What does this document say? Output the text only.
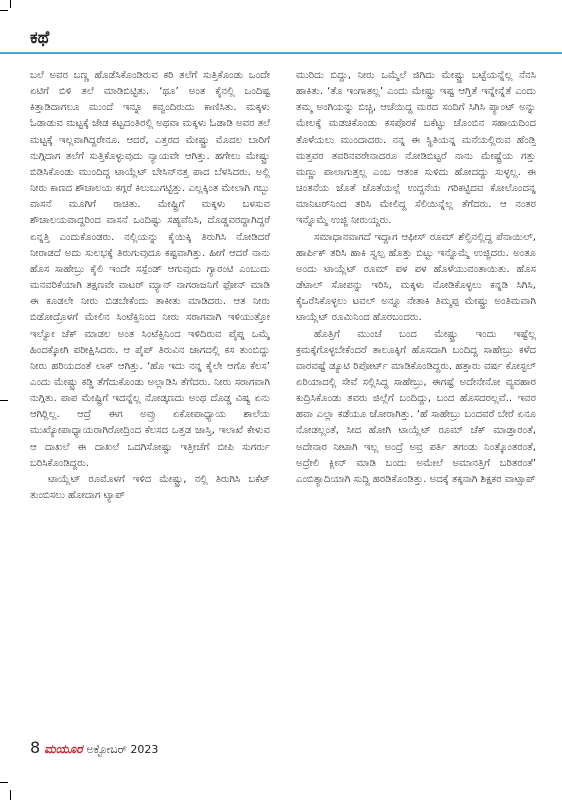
ಕಥೆ

ಬಲೆ ಅವರ ಬಣ್ಣ ಹೊಡೆಸಿಕೊಂಡಿರುವ ಕರಿ ತಲೆಗೆ ಸುತ್ತಿಕೊಂಡು ಒಂದೇ ಏಟಿಗೆ ಬಿಳಿ ತಲೆ ಮಾಡಿಬಿಟ್ಟಿತು. ‘ಥೂ’ ಅಂತ ಕೈನಲ್ಲಿ ಒಂದಿಷ್ಟ ಕಿತ್ತಾಡಿದಾಗಲೂ ಮುಂದೆ ಇನ್ನೂ ಕವ್ವಂದಿರುದು ಕಾಣಿಸಿತು. ಮಕ್ಕಳು ಓಡಾಡುವ ಮಟ್ಟಕ್ಕೆ ಜೇಡ ಕಟ್ಟದಂತಿರಲ್ಲಿ ಅಥವಾ ಮಕ್ಕಳು ಓಡಾಡಿ ಅವರ ತಲೆ ಮಟ್ಟಕ್ಕೆ ಇಲ್ಲವಾಗಿದ್ದರೇನೂ. ಆದರೆ, ಎತ್ತರದ ಮೇಷ್ಟ್ರು ಮೊದಲ ಬಾರಿಗೆ ನುಗ್ಗಿದಾಗ ತಲೆಗೆ ಸುತ್ತಿಕೊಳ್ಳುವುದು ನ್ಯಾಯವೇ ಆಗಿತ್ತು. ಹಗೇಲು ಮೇಷ್ಟ್ರು ಬಿಡಿಸಿಕೊಂಡು ಮುಂದಿದ್ದ ಟಾಯ್ಲೆಟ್ ಬೇಸಿನ್‌ನತ್ತ ಪಾದ ಬೆಳಸಿದರು. ಅಲ್ಲಿ ನೀರು ಕಾಣದ ಶೌಚಾಲಯ ಕಗ್ಗರೆ ಕಿಲುಬುಗಟ್ಟಿತ್ತು. ಎಲ್ಲಕ್ಕಿಂತ ಮೇಲಾಗಿ ಗಬ್ಬು ವಾಸನೆ ಮೂಗಿಗೆ ರಾಚಿತು. ಮೇಷ್ಟ್ರಿಗೆ ಮಕ್ಕಳು ಬಳಸುವ ಶೌಚಾಲಯವಾದ್ದರಿಂದ ವಾಸನೆ ಒಂದಿಷ್ಟು ಸಹ್ಯವೆನಿಸಿ, ದೊಡ್ಡವರದ್ದಾಗಿದ್ದರೆ ಏನ್ನತ್ತಿ ಎಂದುಕೊಂಡರು. ನಲ್ಲಿಯನ್ನು ಕೈಯಿಕ್ಕಿ ತಿರುಗಿಸಿ ನೋಡಿದರೆ ನೀರಾಡದೆ ಅದು ಸುಲಭಕ್ಕೆ ತಿರುಗುವುದೂ ಕಷ್ಟವಾಗಿತ್ತು. ಹೀಗೆ ಆದರೆ ನಾನು ಹೊಸ ಸಾಹೇಬ್ರು ಕೈಲಿ ಇಂದೇ ಸಸ್ಪೆಂಡ್ ಆಗುವುದು ಗ್ಯಾರಂಟಿ ಎಂಬುದು ಮನವರಿಕೆಯಾಗಿ ತಕ್ಷಣವೇ ವಾಟರ್ ಮ್ಯಾನ್ ನಾಗರಾಜನಿಗೆ ಫೋನ್ ಮಾಡಿ ಈ ಕೂಡಲೇ ನೀರು ಬಿಡಬೇಕೆಂದು ತಾಕೀತು ಮಾಡಿದರು. ಆತ ನೀರು ಬಿಡೋದ್ರೊಳಗೆ ಮೇಲಿನ ಸಿಂಟೆಕ್ಸಿನಿಂದ ನೀರು ಸರಾಗವಾಗಿ ಇಳಿಯುತ್ತೋ ಇಲ್ವೋ ಚೆಕ್ ಮಾಡಲ ಅಂತ ಸಿಂಟೆಕ್ಸಿನಿಂದ ಇಳಿದಿರುವ ಪೈಪ್ನ ಒಮ್ಮೆ ಹಿಂದಕ್ಕೋಗಿ ಪರೀಕ್ಷಿಸಿದರು. ಆ ಪೈಪ್ ತಿರುವಿನ ಜಾಗದಲ್ಲಿ ಕಸ ತುಂಬಿದ್ದು ನೀರು ಹರಿಯದಂತೆ ಲಾಕ್ ಆಗಿತ್ತು. ‘ಹೊ ಇದು ನನ್ನ ಕೈಲೇ ಆಗೊ ಕೆಲಸ’ ಎಂದು ಮೇಷ್ಟ್ರು ಕಡ್ಡಿ ತೆಗೆದುಕೊಂಡು ಅಲ್ಲಾಡಿಸಿ ತೆಗೆದರು. ನೀರು ಸರಾಗವಾಗಿ ನುಗ್ಗಿತು. ಪಾಪ ಮೇಷ್ಟ್ರಿಗೆ ಇದನ್ನೆಲ್ಲ ನೋಡ್ಕಣದು ಅಂಥ ದೊಡ್ಡ ವಿಷ್ಯ ಏನು ಆಗಿರ್‍ಲಿಲ್ಲ. ಆದ್ರೆ ಈಗ ಅವ್ರು ಏಕೋಪಾಧ್ಯಾಯ ಶಾಲೆಯ ಮುಖ್ಯೋಪಾಧ್ಯಾಯರಾಗಿರೋದ್ರಿಂದ ಕೆಲಸದ ಒತ್ತಡ ಜಾಸ್ತಿ, ಇಲಾಖೆ ಕೇಳುವ ಆ ದಾಖಲೆ ಈ ದಾಖಲೆ ಒದಗಿಸೋಷ್ಟು ಇತ್ತೀಚೆಗೆ ಬೀಪಿ ಸುಗರ್ರು ಬರಿಸಿಕೊಂಡಿದ್ದರು.

ಟಾಯ್ಲೆಟ್ ರೂಮೊಳಗೆ ಇಳಿದ ಮೇಷ್ಟ್ರು, ನಲ್ಲಿ ತಿರುಗಿಸಿ ಬಕೆಟ್ ತುಂಬಿಸಲು ಹೋದಾಗ ಟ್ಯಾಪ್

ಮುರಿದು ಬಿದ್ದು, ನೀರು ಒಮ್ಮೆಲೆ ಜಿಗಿದು ಮೇಷ್ಟ್ರು ಬಟ್ಟೆಯನ್ನೆಲ್ಲ ನೆನಸಿ ಹಾಕಿತು. ‘ತೊ ಇಂಗಾತಲ್ಲ’ ಎಂದು ಮೇಷ್ಟ್ರು ಇಷ್ಟ ಆಗ್ತಿತೆ ಇನ್ನೇನ್ನೆತೆ ಎಂದು ತಮ್ಮ ಅಂಗಿಯನ್ನು ಬಿಚ್ಚಿ, ಆಚೆಯಿದ್ದ ಮರದ ಸಂದಿಗೆ ಸಿಗಿಸಿ ಪ್ಯಾಂಟ್ ಅನ್ನು ಮೇಲಕ್ಕೆ ಮಡಚಿಕೊಂಡು ಕಸಪೊರಕೆ ಬಕೆಟ್ಟು ಚೊಂಬಿನ ಸಹಾಯದಿಂದ ತೊಳೆಯಲು ಮುಂದಾದರು. ನನ್ನ ಈ ಸ್ಥಿತಿಯನ್ನ ಮನೆಯಲ್ಲಿರುವ ಹೆಂಡ್ತಿ ಮತ್ತವರ ತವರಿನವರೇನಾದರೂ ನೋಡಿಬಿಟ್ಟರೆ ನಾನು ಮೇಷ್ಟ್ರೆಯ ಗತ್ತು ಮಣ್ಣು ಪಾಲಾಗುತ್ತಲ್ಲ ಎಂಬ ಆತಂಕ ಸುಳಿದು ಹೋದದ್ದು ಸುಳ್ಳಲ್ಲ. ಈ ಚಿಂತನೆಯ ಜೊತೆ ಜೊತೆಯಲ್ಲೆ ಉದ್ದನೆಯ ಗರಿಕಟ್ಟಿದವ ಕೋಲೊಂದನ್ನ ಮಾನಿಟರ್‌ನಿಂದ ತರಿಸಿ ಮೇಲಿದ್ದ ಸೆಲಿಯಿನ್ನೆಲ್ಲ ತೆಗೆದರು. ಆ ನಂತರ ಇನ್ನೊಮ್ಮೆ ಉಜ್ಜಿ ನೀರುಯ್ದರು.

ಸಮಾಧಾನವಾಗದೆ ಇದ್ದಾಗ ಆಫೀಸ್ ರೂಮ್ ಶೆಲ್ಫಿನಲ್ಲಿದ್ದ ಪೆನಾಯಿಲ್, ಹಾರ್ಪಿಕ್ ತರಿಸಿ ಹಾಕಿ ಸ್ವಲ್ಪ ಹೊತ್ತು ಬಿಟ್ಟು ಇನ್ನೊಮ್ಮೆ ಉಜ್ಜಿದರು. ಅಂತೂ ಅಂದು ಟಾಯ್ಲೆಟ್ ರೂಮ್ ಪಳ ಪಳ ಹೊಳೆಯುವಂತಾಯಿತು. ಹೊಸ ಡೆಟಾಲ್ ಸೋಪನ್ನು ಇರಿಸಿ, ಮಕ್ಕಳು ನೋಡಿಕೊಳ್ಳಲು ಕನ್ನಡಿ ಸಿಗಿಸಿ, ಕೈಒರೆಸಿಕೊಳ್ಳಲು ಟವಲ್ ಅನ್ನೂ ನೇತಾಕಿ ತಿಮ್ಮಪ್ಪ ಮೇಷ್ಟ್ರು ಅಂತಿಮವಾಗಿ ಟಾಯ್ಲೆಟ್ ರೂಮಿನಿಂದ ಹೊರಬಂದರು.

ಹೊತ್ತಿಗೆ ಮುಂಚೆ ಬಂದ ಮೇಷ್ಟ್ರು ಇಂದು ಇಷ್ಟೆಲ್ಲ ಕ್ರಮಕ್ಕೆಗೊಳ್ಳಬೇಕೆಂದರೆ ತಾಲೂಕ್ಕಿಗೆ ಹೊಸದಾಗಿ ಬಂದಿದ್ದ ಸಾಹೇಬ್ರು ಕಳೆದ ವಾರವಷ್ಟೆ ಡ್ಯೂಟಿ ರಿಪೋರ್ಟ್ ಮಾಡಿಕೊಂಡಿದ್ದರು. ಹತ್ತಾರು ವರ್ಷ ಕೋಸ್ಟಲ್ ಏರಿಯಾದಲ್ಲಿ ಸೇವೆ ಸಲ್ಲಿಸಿದ್ದ ಸಾಹೇಬ್ರು, ಈಗಷ್ಟೆ ಅದೇನೇನೋ ವ್ಯವಹಾರ ಕುದ್ರಿಸಿಕೊಂಡು ತವರು ಜಿಲ್ಲೆಗೆ ಬಂದಿದ್ದು, ಬಂದ ಹೊಸದರಲ್ಲವೆ.. ಇವರ ಹವಾ ಎಲ್ಲಾ ಕಡೆಯೂ ಜೋರಾಗಿತ್ತು. ‘ಹೆ ಸಾಹೇಬ್ರು ಬಂದವರೆ ಬೇರೆ ಏನೂ ನೋಡಲ್ಲಂತೆ, ಸೀದ ಹೋಗಿ ಟಾಯ್ಲೆಟ್ ರೂಮ್ ಚೆಕ್ ಮಾಡ್ತಾರಂತೆ, ಅದೇನಾರ ನೀಟಾಗಿ ಇಲ್ಲ ಅಂದ್ರೆ ಅವ್ರ ಪರ್ತಿ ತಗಂಡು ನಿಂತ್ಕೊಂತರಂತೆ, ಅದ್ರೇಲಿ ಕ್ಲೀನ್ ಮಾಡಿ ಬಂದು ಅಮೇಲೆ ಅಮಾನತ್ತಿಗೆ ಬರಿತರಂತೆ’ ಎಂಬಿತ್ಯಾದಿಯಾಗಿ ಸುದ್ದಿ ಹರಡಿಕೊಂಡಿತ್ತು. ಅದಕ್ಕೆ ತಕ್ಕನಾಗಿ ಶಿಕ್ಷಕರ ವಾಟ್ಸಾಪ್

8 ಮಯೂರ ಅಕ್ಟೋಬರ್ 2023
